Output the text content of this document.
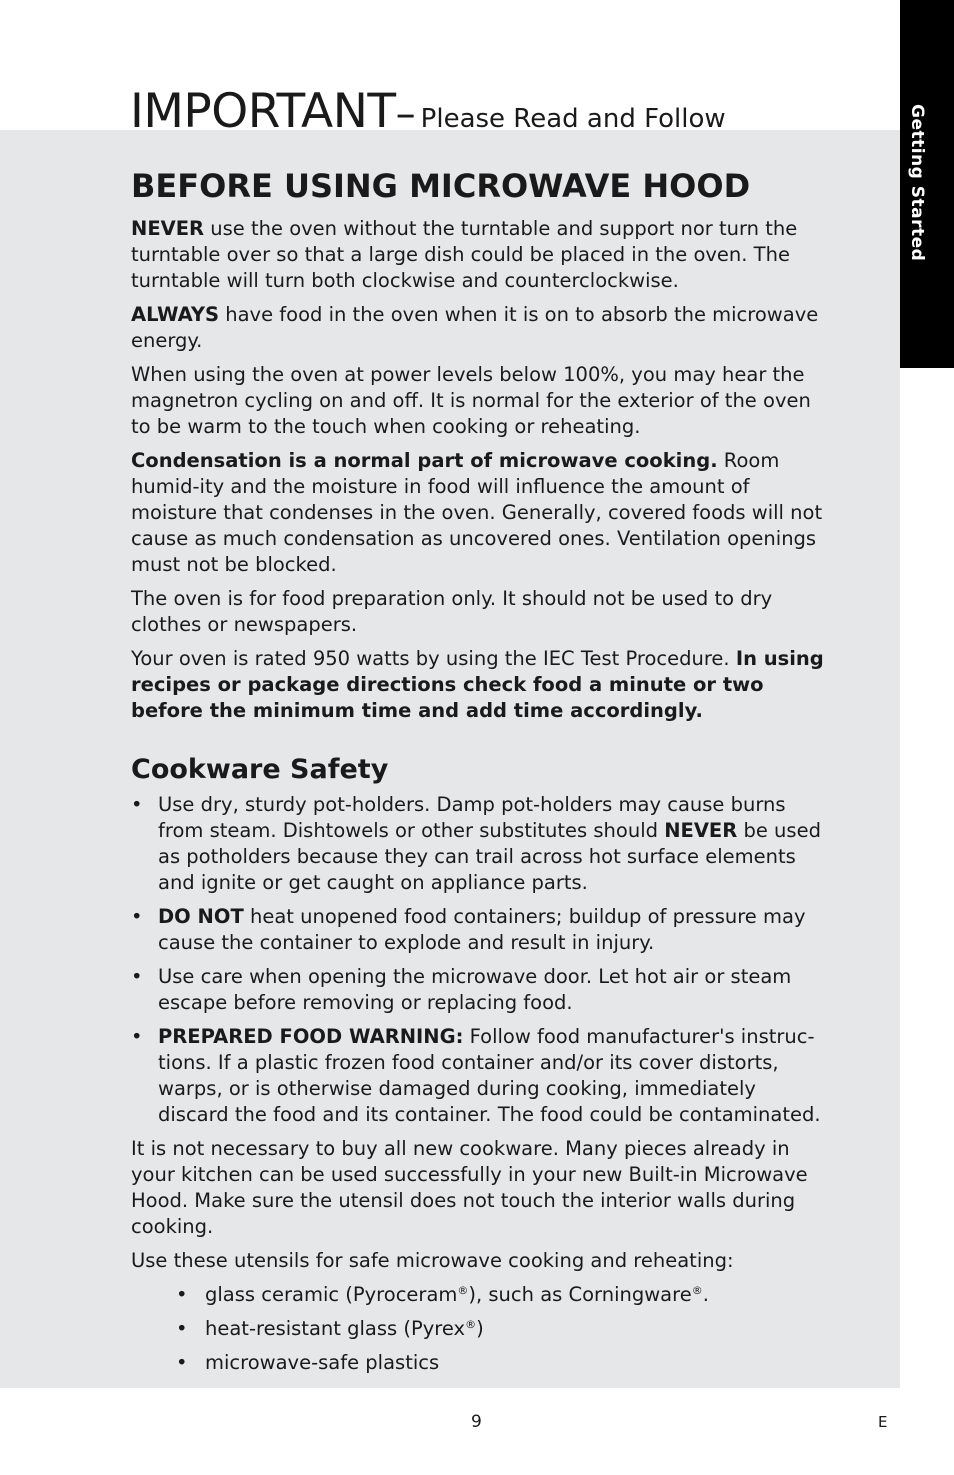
Getting Started
IMPORTANT– Please Read and Follow
BEFORE USING MICROWAVE HOOD

NEVER use the oven without the turntable and support nor turn the turntable over so that a large dish could be placed in the oven. The turntable will turn both clockwise and counterclockwise.

ALWAYS have food in the oven when it is on to absorb the microwave energy.

When using the oven at power levels below 100%, you may hear the magnetron cycling on and off. It is normal for the exterior of the oven to be warm to the touch when cooking or reheating.

Condensation is a normal part of microwave cooking. Room humid-ity and the moisture in food will influence the amount of moisture that condenses in the oven. Generally, covered foods will not cause as much condensation as uncovered ones. Ventilation openings must not be blocked.

The oven is for food preparation only. It should not be used to dry clothes or newspapers.

Your oven is rated 950 watts by using the IEC Test Procedure. In using recipes or package directions check food a minute or two before the minimum time and add time accordingly.

Cookware Safety
• Use dry, sturdy pot-holders. Damp pot-holders may cause burns from steam. Dishtowels or other substitutes should NEVER be used as potholders because they can trail across hot surface elements and ignite or get caught on appliance parts.
• DO NOT heat unopened food containers; buildup of pressure may cause the container to explode and result in injury.
• Use care when opening the microwave door. Let hot air or steam escape before removing or replacing food.
• PREPARED FOOD WARNING: Follow food manufacturer's instruc-tions. If a plastic frozen food container and/or its cover distorts, warps, or is otherwise damaged during cooking, immediately discard the food and its container. The food could be contaminated.

It is not necessary to buy all new cookware. Many pieces already in your kitchen can be used successfully in your new Built-in Microwave Hood. Make sure the utensil does not touch the interior walls during cooking.

Use these utensils for safe microwave cooking and reheating:

• glass ceramic (Pyroceram®), such as Corningware®.
• heat-resistant glass (Pyrex®)
• microwave-safe plastics
9	E
